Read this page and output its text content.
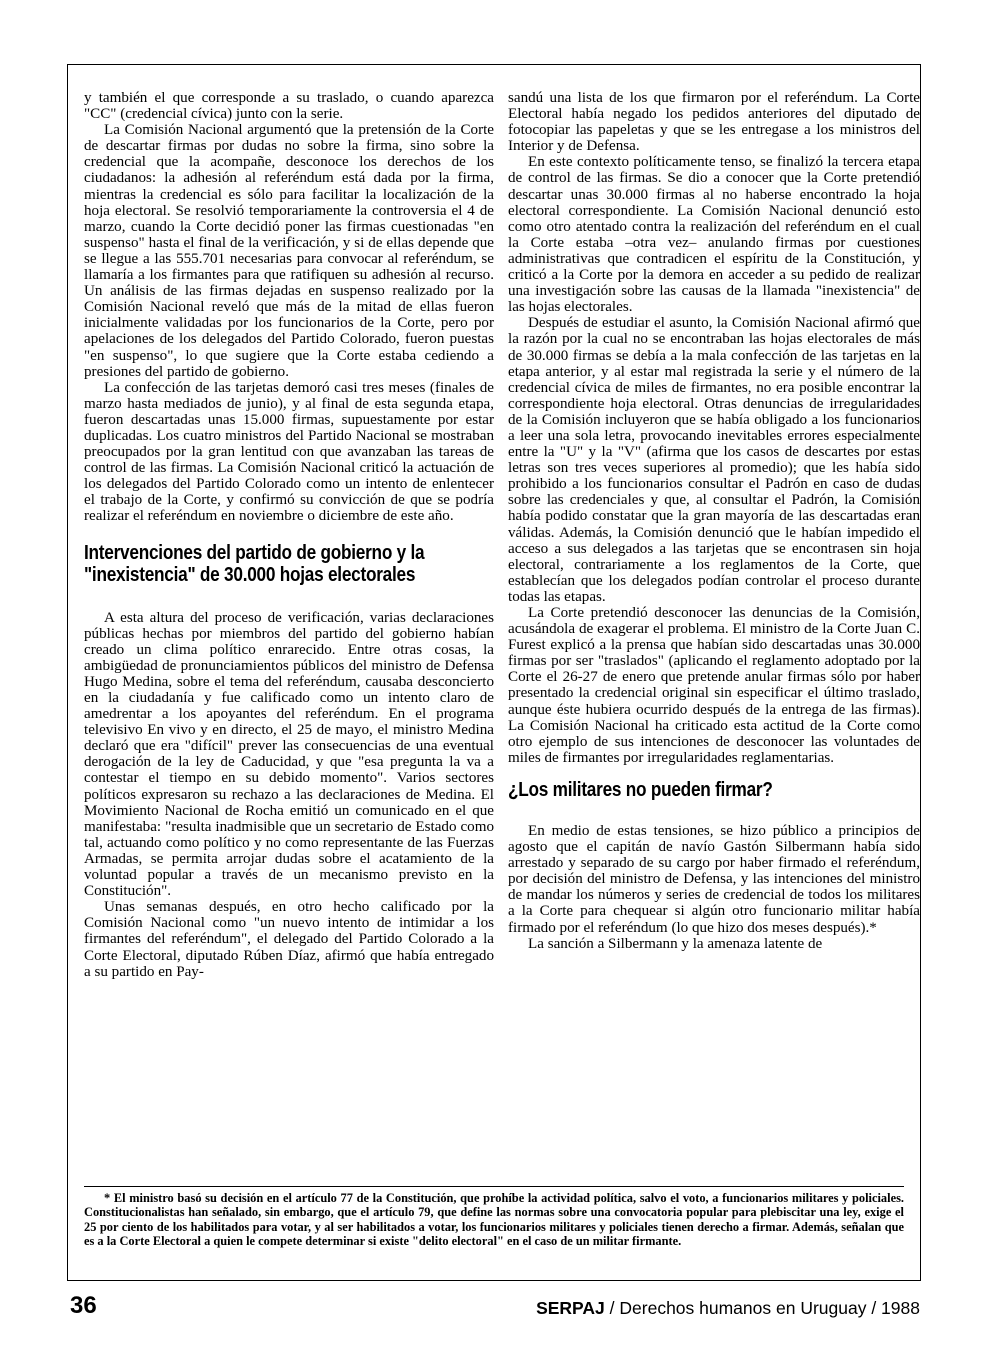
y también el que corresponde a su traslado, o cuando aparezca "CC" (credencial cívica) junto con la serie.

La Comisión Nacional argumentó que la pretensión de la Corte de descartar firmas por dudas no sobre la firma, sino sobre la credencial que la acompañe, desconoce los derechos de los ciudadanos: la adhesión al referéndum está dada por la firma, mientras la credencial es sólo para facilitar la localización de la hoja electoral. Se resolvió temporariamente la controversia el 4 de marzo, cuando la Corte decidió poner las firmas cuestionadas "en suspenso" hasta el final de la verificación, y si de ellas depende que se llegue a las 555.701 necesarias para convocar al referéndum, se llamaría a los firmantes para que ratifiquen su adhesión al recurso. Un análisis de las firmas dejadas en suspenso realizado por la Comisión Nacional reveló que más de la mitad de ellas fueron inicialmente validadas por los funcionarios de la Corte, pero por apelaciones de los delegados del Partido Colorado, fueron puestas "en suspenso", lo que sugiere que la Corte estaba cediendo a presiones del partido de gobierno.

La confección de las tarjetas demoró casi tres meses (finales de marzo hasta mediados de junio), y al final de esta segunda etapa, fueron descartadas unas 15.000 firmas, supuestamente por estar duplicadas. Los cuatro ministros del Partido Nacional se mostraban preocupados por la gran lentitud con que avanzaban las tareas de control de las firmas. La Comisión Nacional criticó la actuación de los delegados del Partido Colorado como un intento de enlentecer el trabajo de la Corte, y confirmó su convicción de que se podría realizar el referéndum en noviembre o diciembre de este año.

Intervenciones del partido de gobierno y la "inexistencia" de 30.000 hojas electorales

A esta altura del proceso de verificación, varias declaraciones públicas hechas por miembros del partido del gobierno habían creado un clima político enrarecido. Entre otras cosas, la ambigüedad de pronunciamientos públicos del ministro de Defensa Hugo Medina, sobre el tema del referéndum, causaba desconcierto en la ciudadanía y fue calificado como un intento claro de amedrentar a los apoyantes del referéndum. En el programa televisivo En vivo y en directo, el 25 de mayo, el ministro Medina declaró que era "difícil" prever las consecuencias de una eventual derogación de la ley de Caducidad, y que "esa pregunta la va a contestar el tiempo en su debido momento". Varios sectores políticos expresaron su rechazo a las declaraciones de Medina. El Movimiento Nacional de Rocha emitió un comunicado en el que manifestaba: "resulta inadmisible que un secretario de Estado como tal, actuando como político y no como representante de las Fuerzas Armadas, se permita arrojar dudas sobre el acatamiento de la voluntad popular a través de un mecanismo previsto en la Constitución".

Unas semanas después, en otro hecho calificado por la Comisión Nacional como "un nuevo intento de intimidar a los firmantes del referéndum", el delegado del Partido Colorado a la Corte Electoral, diputado Rúben Díaz, afirmó que había entregado a su partido en Pay-

sandú una lista de los que firmaron por el referéndum. La Corte Electoral había negado los pedidos anteriores del diputado de fotocopiar las papeletas y que se les entregase a los ministros del Interior y de Defensa.

En este contexto políticamente tenso, se finalizó la tercera etapa de control de las firmas. Se dio a conocer que la Corte pretendió descartar unas 30.000 firmas al no haberse encontrado la hoja electoral correspondiente. La Comisión Nacional denunció esto como otro atentado contra la realización del referéndum en el cual la Corte estaba –otra vez– anulando firmas por cuestiones administrativas que contradicen el espíritu de la Constitución, y criticó a la Corte por la demora en acceder a su pedido de realizar una investigación sobre las causas de la llamada "inexistencia" de las hojas electorales.

Después de estudiar el asunto, la Comisión Nacional afirmó que la razón por la cual no se encontraban las hojas electorales de más de 30.000 firmas se debía a la mala confección de las tarjetas en la etapa anterior, y al estar mal registrada la serie y el número de la credencial cívica de miles de firmantes, no era posible encontrar la correspondiente hoja electoral. Otras denuncias de irregularidades de la Comisión incluyeron que se había obligado a los funcionarios a leer una sola letra, provocando inevitables errores especialmente entre la "U" y la "V" (afirma que los casos de descartes por estas letras son tres veces superiores al promedio); que les había sido prohibido a los funcionarios consultar el Padrón en caso de dudas sobre las credenciales y que, al consultar el Padrón, la Comisión había podido constatar que la gran mayoría de las descartadas eran válidas. Además, la Comisión denunció que le habían impedido el acceso a sus delegados a las tarjetas que se encontrasen sin hoja electoral, contrariamente a los reglamentos de la Corte, que establecían que los delegados podían controlar el proceso durante todas las etapas.

La Corte pretendió desconocer las denuncias de la Comisión, acusándola de exagerar el problema. El ministro de la Corte Juan C. Furest explicó a la prensa que habían sido descartadas unas 30.000 firmas por ser "traslados" (aplicando el reglamento adoptado por la Corte el 26-27 de enero que pretende anular firmas sólo por haber presentado la credencial original sin especificar el último traslado, aunque éste hubiera ocurrido después de la entrega de las firmas). La Comisión Nacional ha criticado esta actitud de la Corte como otro ejemplo de sus intenciones de desconocer las voluntades de miles de firmantes por irregularidades reglamentarias.

¿Los militares no pueden firmar?

En medio de estas tensiones, se hizo público a principios de agosto que el capitán de navío Gastón Silbermann había sido arrestado y separado de su cargo por haber firmado el referéndum, por decisión del ministro de Defensa, y las intenciones del ministro de mandar los números y series de credencial de todos los militares a la Corte para chequear si algún otro funcionario militar había firmado por el referéndum (lo que hizo dos meses después).*

La sanción a Silbermann y la amenaza latente de

* El ministro basó su decisión en el artículo 77 de la Constitución, que prohíbe la actividad política, salvo el voto, a funcionarios militares y policiales. Constitucionalistas han señalado, sin embargo, que el artículo 79, que define las normas sobre una convocatoria popular para plebiscitar una ley, exige el 25 por ciento de los habilitados para votar, y al ser habilitados a votar, los funcionarios militares y policiales tienen derecho a firmar. Además, señalan que es a la Corte Electoral a quien le compete determinar si existe "delito electoral" en el caso de un militar firmante.
36	SERPAJ / Derechos humanos en Uruguay / 1988
